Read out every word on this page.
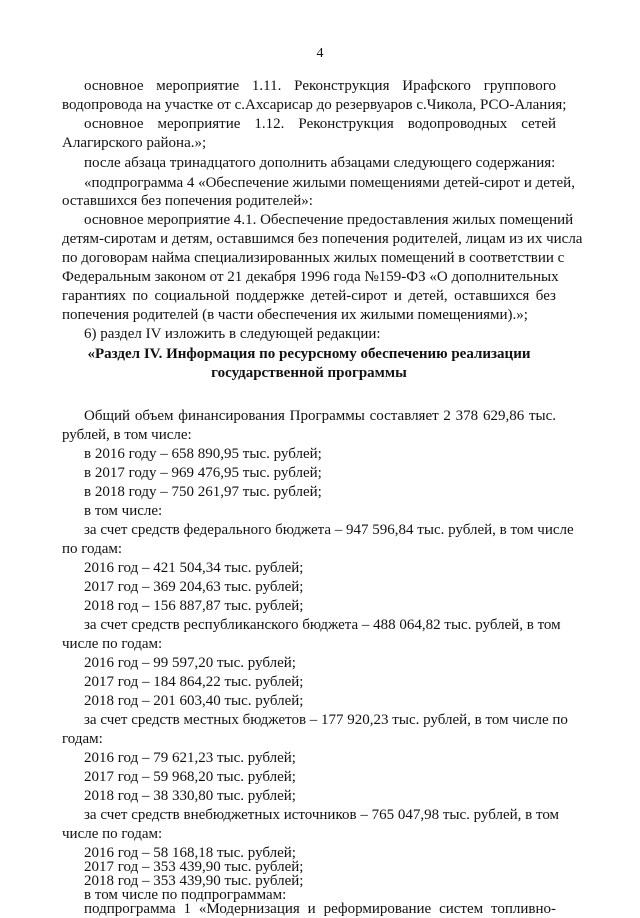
4
основное мероприятие 1.11. Реконструкция Ирафского группового
водопровода на участке от с.Ахсарисар до резервуаров с.Чикола, РСО-Алания;
основное мероприятие 1.12. Реконструкция водопроводных сетей
Алагирского района.»;
после абзаца тринадцатого дополнить абзацами следующего содержания:
«подпрограмма 4 «Обеспечение жилыми помещениями детей-сирот и детей,
оставшихся без попечения родителей»:
основное мероприятие 4.1. Обеспечение предоставления жилых помещений
детям-сиротам и детям, оставшимся без попечения родителей, лицам из их числа
по договорам найма специализированных жилых помещений в соответствии с
Федеральным законом от 21 декабря 1996 года №159-ФЗ «О дополнительных
гарантиях по социальной поддержке детей-сирот и детей, оставшихся без
попечения родителей (в части обеспечения их жилыми помещениями).»;
6) раздел IV изложить в следующей редакции:
«Раздел IV. Информация по ресурсному обеспечению реализации
государственной программы
Общий объем финансирования Программы составляет 2 378 629,86 тыс.
рублей, в том числе:
в 2016 году – 658 890,95 тыс. рублей;
в 2017 году – 969 476,95 тыс. рублей;
в 2018 году – 750 261,97 тыс. рублей;
в том числе:
за счет средств федерального бюджета – 947 596,84 тыс. рублей, в том числе
по годам:
2016 год – 421 504,34 тыс. рублей;
2017 год – 369 204,63 тыс. рублей;
2018 год – 156 887,87 тыс. рублей;
за счет средств республиканского бюджета – 488 064,82 тыс. рублей, в том
числе по годам:
2016 год – 99 597,20 тыс. рублей;
2017 год – 184 864,22 тыс. рублей;
2018 год – 201 603,40 тыс. рублей;
за счет средств местных бюджетов – 177 920,23 тыс. рублей, в том числе по
годам:
2016 год – 79 621,23 тыс. рублей;
2017 год – 59 968,20 тыс. рублей;
2018 год – 38 330,80 тыс. рублей;
за счет средств внебюджетных источников – 765 047,98 тыс. рублей, в том
числе по годам:
2016 год – 58 168,18 тыс. рублей;
2017 год – 353 439,90 тыс. рублей;
2018 год – 353 439,90 тыс. рублей;
в том числе по подпрограммам:
подпрограмма 1 «Модернизация и реформирование систем топливно-
